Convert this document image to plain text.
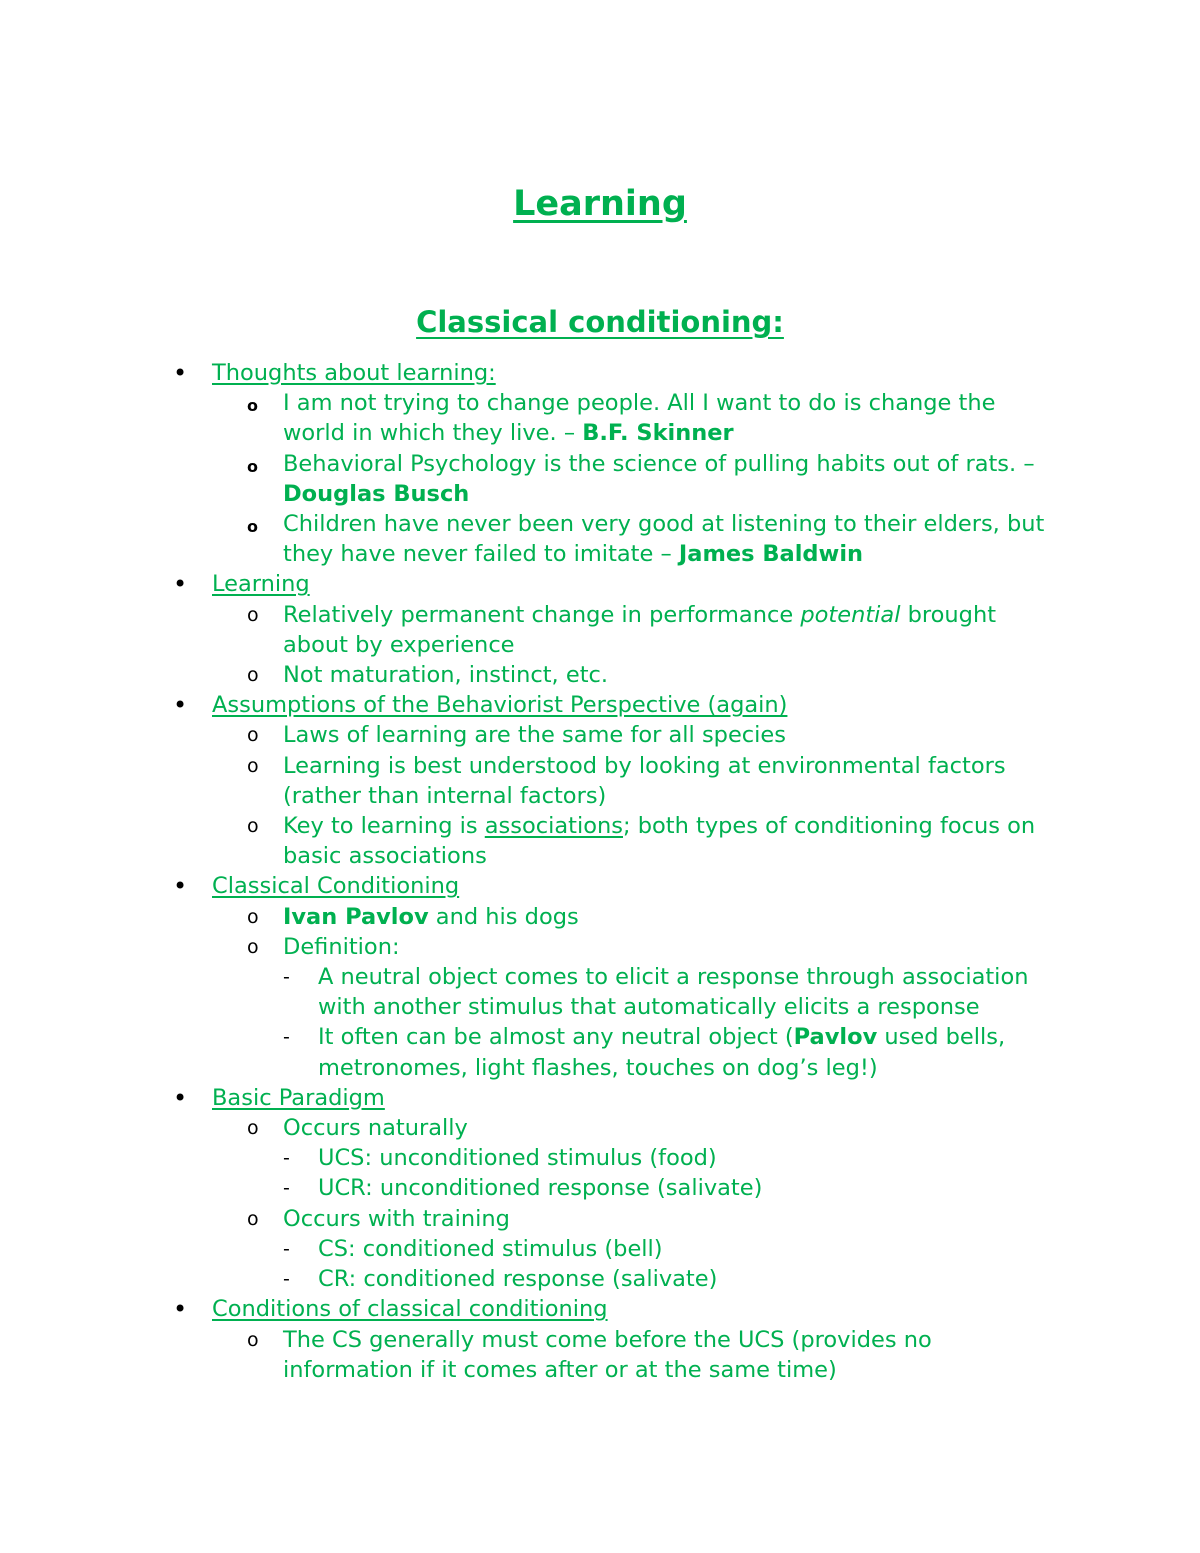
Learning
Classical conditioning:
• Thoughts about learning:
o I am not trying to change people. All I want to do is change the world in which they live. – B.F. Skinner
o Behavioral Psychology is the science of pulling habits out of rats. – Douglas Busch
o Children have never been very good at listening to their elders, but they have never failed to imitate – James Baldwin
• Learning
o Relatively permanent change in performance potential brought about by experience
o Not maturation, instinct, etc.
• Assumptions of the Behaviorist Perspective (again)
o Laws of learning are the same for all species
o Learning is best understood by looking at environmental factors (rather than internal factors)
o Key to learning is associations; both types of conditioning focus on basic associations
• Classical Conditioning
o Ivan Pavlov and his dogs
o Definition:
- A neutral object comes to elicit a response through association with another stimulus that automatically elicits a response
- It often can be almost any neutral object (Pavlov used bells, metronomes, light flashes, touches on dog’s leg!)
• Basic Paradigm
o Occurs naturally
- UCS: unconditioned stimulus (food)
- UCR: unconditioned response (salivate)
o Occurs with training
- CS: conditioned stimulus (bell)
- CR: conditioned response (salivate)
• Conditions of classical conditioning
o The CS generally must come before the UCS (provides no information if it comes after or at the same time)
